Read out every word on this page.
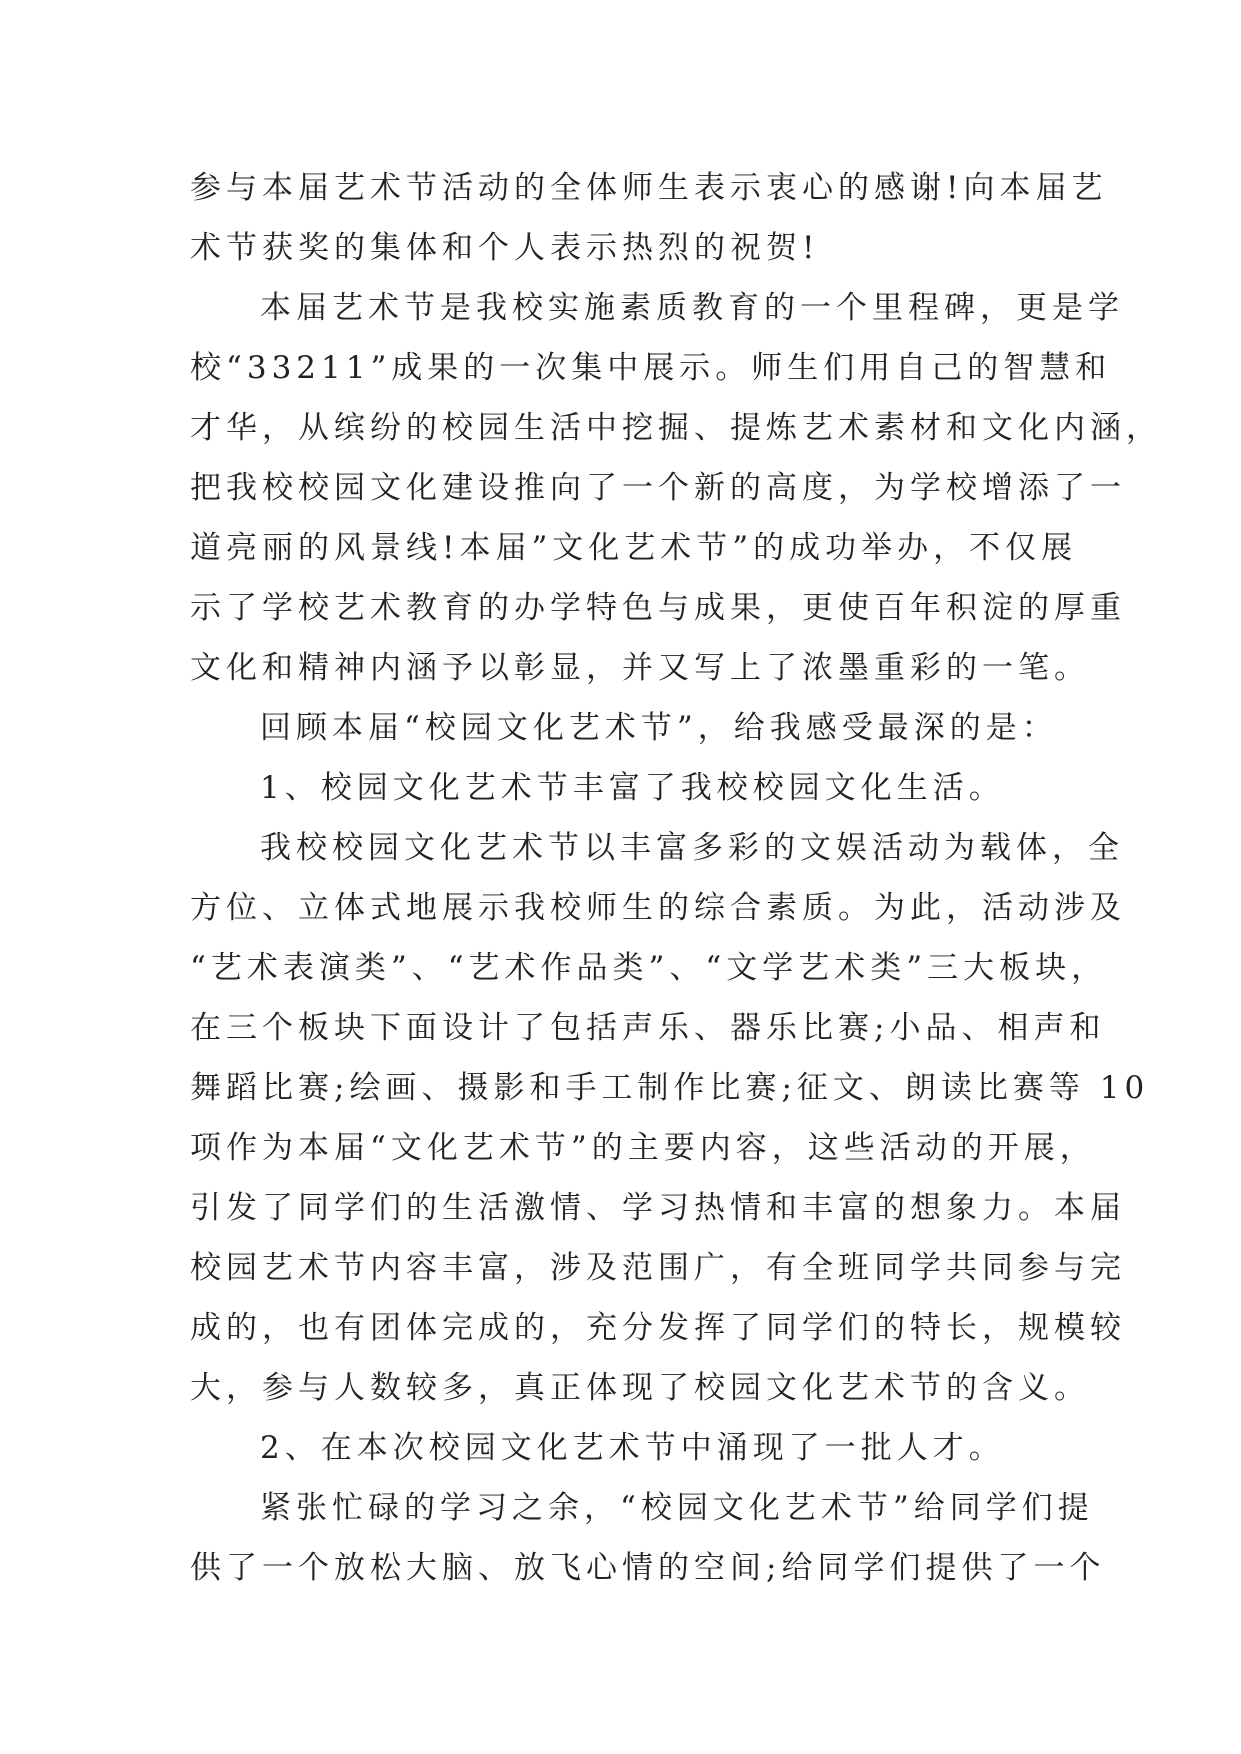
参与本届艺术节活动的全体师生表示衷心的感谢!向本届艺
术节获奖的集体和个人表示热烈的祝贺!
本届艺术节是我校实施素质教育的一个里程碑，更是学
校“33211”成果的一次集中展示。师生们用自己的智慧和
才华，从缤纷的校园生活中挖掘、提炼艺术素材和文化内涵，
把我校校园文化建设推向了一个新的高度，为学校增添了一
道亮丽的风景线!本届”文化艺术节”的成功举办，不仅展
示了学校艺术教育的办学特色与成果，更使百年积淀的厚重
文化和精神内涵予以彰显，并又写上了浓墨重彩的一笔。
回顾本届“校园文化艺术节”，给我感受最深的是：
1、校园文化艺术节丰富了我校校园文化生活。
我校校园文化艺术节以丰富多彩的文娱活动为载体，全
方位、立体式地展示我校师生的综合素质。为此，活动涉及
“艺术表演类”、“艺术作品类”、“文学艺术类”三大板块，
在三个板块下面设计了包括声乐、器乐比赛;小品、相声和
舞蹈比赛;绘画、摄影和手工制作比赛;征文、朗读比赛等 10
项作为本届“文化艺术节”的主要内容，这些活动的开展，
引发了同学们的生活激情、学习热情和丰富的想象力。本届
校园艺术节内容丰富，涉及范围广，有全班同学共同参与完
成的，也有团体完成的，充分发挥了同学们的特长，规模较
大，参与人数较多，真正体现了校园文化艺术节的含义。
2、在本次校园文化艺术节中涌现了一批人才。
紧张忙碌的学习之余，“校园文化艺术节”给同学们提
供了一个放松大脑、放飞心情的空间;给同学们提供了一个
